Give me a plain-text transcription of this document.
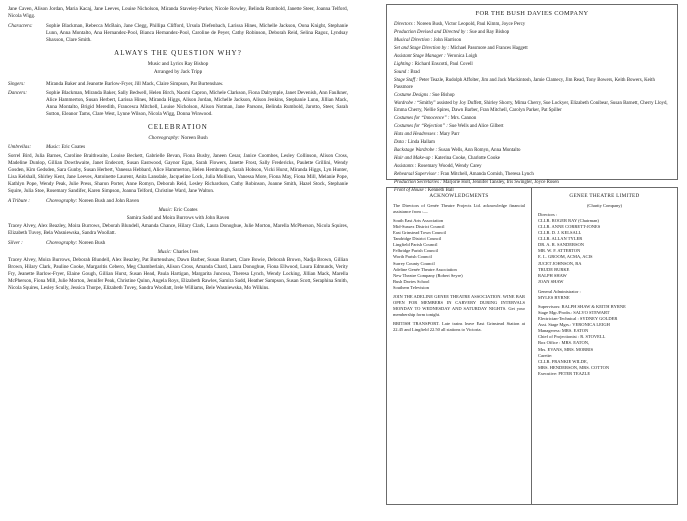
Jane Caven, Alison Jordan, Maria Kacaj, Jane Leeves, Louise Nicholson, Miranda Staveley-Parker, Nicole Rowley, Belinda Rumbold, Janette Steer, Joanna Telford, Nicola Wigg.
Characters:	Sophie Blackman, Rebecca McBain, Jane Clegg, Phillipa Clifford, Ursula Diefenbach, Larissa Hines, Michelle Jackson, Oona Knight, Stephanie Lunn, Anna Montalto, Ana Hernandez-Pool, Bianca Hernandez-Pool, Caroline de Peyer, Cathy Robinson, Deborah Reid, Selina Ragoz, Lyndsay Shaxson, Clare Smith.
ALWAYS THE QUESTION WHY?
Music and Lyrics Ray Bishop
Arranged by Jack Tripp
Singers:	Miranda Baker and Jeanotte Barlow-Fryer, Jill Mack, Claire Simpson, Pat Burtenshaw.
Dancers:	Sophie Blackman, Miranda Baker, Sally Bedwell, Helen Birch, Naomi Capron, Michele Clarkson, Fiona Dalrymple, Janet Devenish, Ann Faulkner, Alice Hammerton, Susan Herbert, Larissa Hines, Miranda Higgs, Alison Jordan, Michelle Jackson, Alison Jenkins, Stephanie Lunn, Jillian Mack, Anna Montalto, Brigid Meredith, Francesca Mitchell, Louise Nicholson, Alison Notman, Jane Parsons, Belinda Rumbold, Jarotto, Steer, Sarah Sutton, Eleanor Tams, Clare West, Lynne Wilson, Nicola Wigg, Donna Winwood.
CELEBRATION
Choreography: Noreen Bush
Umbrellas:	Music: Eric Coates
Sorrel Bird, Julia Barnes, Caroline Braithwaite, Louise Beckett, Gabrielle Bevan, Fiona Busby, Janeen Cesar, Janice Coombes, Lesley Collinson, Alison Cross, Madeline Dunlop, Gillian Dowthwaite, Janet Endecott, Susan Eastwood, Gaynor Egan, Sarah Flowers, Janette Frost, Sally Fredericks, Paulette Grillini, Wendy Gosden, Kim Gedsden, Sara Gunby, Susan Herbert, Vanessa Hebbard, Alice Hammerton, Helen Hembraugh, Sarah Hobson, Vicki Hurst, Miranda Higgs, Lyn Hunter, Lisa Kelshall, Shirley Kent, Jane Leeves, Antoinette Laurent, Anita Lansdale, Jacqueline Lock, Julia Mollison, Vanessa More, Fiona May, Fiona Mill, Melanie Pope, Kathlyn Pope, Wendy Peak, Julie Press, Sharon Porter, Anne Romyn, Deborah Reid, Lesley Richardson, Cathy Robinson, Joanne Smith, Hazel Stock, Stephanie Squire, Julia Stoe, Rosemary Sandifer, Karen Simpson, Joanna Telford, Christine Ward, Jane Walton.
A Tribute :	Choreography: Noreen Bush and John Raven
Music: Eric Coates
Samira Sadd and Moira Burrows with John Raven
Tracey Alvey, Alex Beazley, Moira Burrows, Deborah Blundell, Amanda Chance, Hilary Clark, Laura Donoghue, Julie Morton, Marella McPherson, Nicola Squires, Elizabeth Tuvey, Bela Wasniewska, Sandra Woollatt.
Silver :	Choreography: Noreen Bush
Music: Charles Ives
Tracey Alvey, Moira Burrows, Deborah Blundell, Alex Beazley, Pat Burtenshaw, Dawn Barber, Susan Barnett, Clare Bowie, Deborah Brown, Nadja Brown, Gillian Brown, Hilary Clark, Pauline Cooke, Margaritis Cebero, Meg Chamberlain, Alison Cross, Amanda Chard, Laura Donoghue, Fiona Ellwood, Laura Edmunds, Verity Fry, Jeanette Barlow-Fryer, Elaine Gough, Gillian Hurst, Susan Head, Paula Hartigan, Margarita Juncosa, Theresa Lynch, Wendy Locking, Jillian Mack, Marella McPherson, Fiona Mill, Julie Morton, Jennifer Peak, Christine Quinn, Angela Roys, Elizabeth Rawles, Samira Sadd, Heather Sampson, Susan Scott, Seraphina Smith, Nicola Squires, Lesley Scully, Jessica Thorpe, Elizabeth Tuvey, Sandra Woollatt, Irele Williams, Bele Wasniewska, Mo Wilkins.
FOR THE BUSH DAVIES COMPANY
Directors : Noreen Bush, Victor Leopold, Paul Kimm, Joyce Percy
Production Devised and Directed by : Sue and Ray Bishop
Musical Direction : John Harrison
Set and Stage Direction by : Michael Passmore and Frances Haggett
Assistant Stage Manager : Veronica Loigh
Lighting : Richard Enscotti, Paul Covell
Sound : Brad
Stage Staff : Peter Teazle, Rudolph Affolter, Jim and Jack Mackintosh, Jamie Clamecy, Jim Read, Tony Bowers, Keith Bowers, Keith Passmore
Costume Designs : Sue Bishop
Wardrobe : “Smithy” assisted by Joy Duffett, Shirley Shorry, Mima Cherry, Sue Lockyer, Elizabeth Conibear, Susan Barnett, Cherry Lloyd, Emma Cherry, Nellie Spires, Dawn Barber, Fran Mitchell, Carolyn Parker, Pat Spiller
Costumes for “Innocence” : Mrs. Cannon
Costumes for “Rejection” : Sue Wells and Alice Gilbert
Hats and Headresses : Mary Parr
Data : Linda Hallam
Backstage Wardrobe : Susan Wells, Ann Romyn, Anna Montalto
Hair and Make-up : Katerina Cooke, Charlotte Cooke
Assistants : Rosemary Woodd, Wendy Carey
Rehearsal Supervisor : Fran Mitchell, Amanda Cornish, Theresa Lynch
Production Secretaries : Marjorie Holt, Jennifer Tansley, Iris Swingler, Joyce Rosen
Front of House : Kenneth Ball
ACKNOWLEDGMENTS

The Directors of Genée Theatre Projects Ltd. acknowledge financial assistance from :—

South East Arts Association
Mid-Sussex District Council
East Grinstead Town Council
Tandridge District Council
Lingfield Parish Council
Felbridge Parish Council
Worth Parish Council
Surrey County Council
Adeline Genée Theatre Association
New Theatre Company (Robert Seyre)
Bush Davies School
Southern Television

JOIN THE ADELINE GENEE THEATRE ASSOCIATION. WINE BAR OPEN FOR MEMBERS IN CARVERY DURING INTERVALS MONDAY TO WEDNESDAY AND SATURDAY NIGHTS. Get your membership form tonight.

BRITISH TRANSPORT. Late trains leave East Grinstead Station at 22.45 and Lingfield 22.50 all stations to Victoria.

GENEE THEATRE LIMITED
(Charity Company)
Directors :
CLLR. ROGER RAY (Chairman)
CLLR. ANNE CORRETT-JONES
CLLR. D. J. KELSALL
CLLR. ALLAN TYLER
DR. A. R. SANDERSON
MR. W. F. ATTERTON
E. L. GROOM, ACMA, ACIS
JUCET JOHNSON, BA
TRUDE BURKE
RALPH SHAW
JOAN SHAW
General Administrator :
MYLES BYRNE
Supervisors: RALPH SHAW & KEITH BYRNE
Stage Mgr./Prodn.: SALVO STEWART
Electrician-Technical : SYDNEY GOLDER
Asst. Stage Mgrs.: VERONICA LEIGH
Manageress: MRS. EATON
Chief of Projectionist : R. STOVELL
Box Office : MRS. EATON,
Mrs. EVANS, MRS. MORRIS
Carette:
CLLR. FRANKIE WILDE,
MRS. HENDERSON, MRS. COTTON
Executive: PETER TEAZLE
